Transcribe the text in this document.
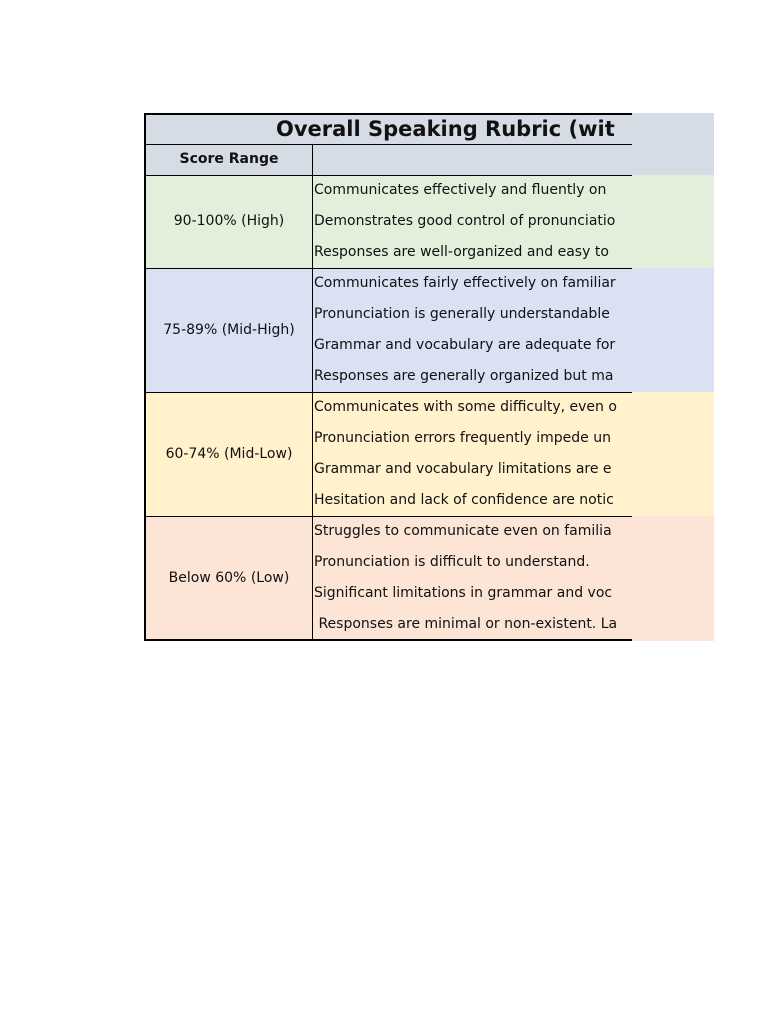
Overall Speaking Rubric (wit
Score Range
90-100% (High)
Communicates effectively and fluently on
Demonstrates good control of pronunciatio
Responses are well-organized and easy to
75-89% (Mid-High)
Communicates fairly effectively on familiar
Pronunciation is generally understandable
Grammar and vocabulary are adequate for
Responses are generally organized but ma
60-74% (Mid-Low)
Communicates with some difficulty, even o
Pronunciation errors frequently impede un
Grammar and vocabulary limitations are e
Hesitation and lack of confidence are notic
Below 60% (Low)
Struggles to communicate even on familia
Pronunciation is difficult to understand.
Significant limitations in grammar and voc
Responses are minimal or non-existent. La
